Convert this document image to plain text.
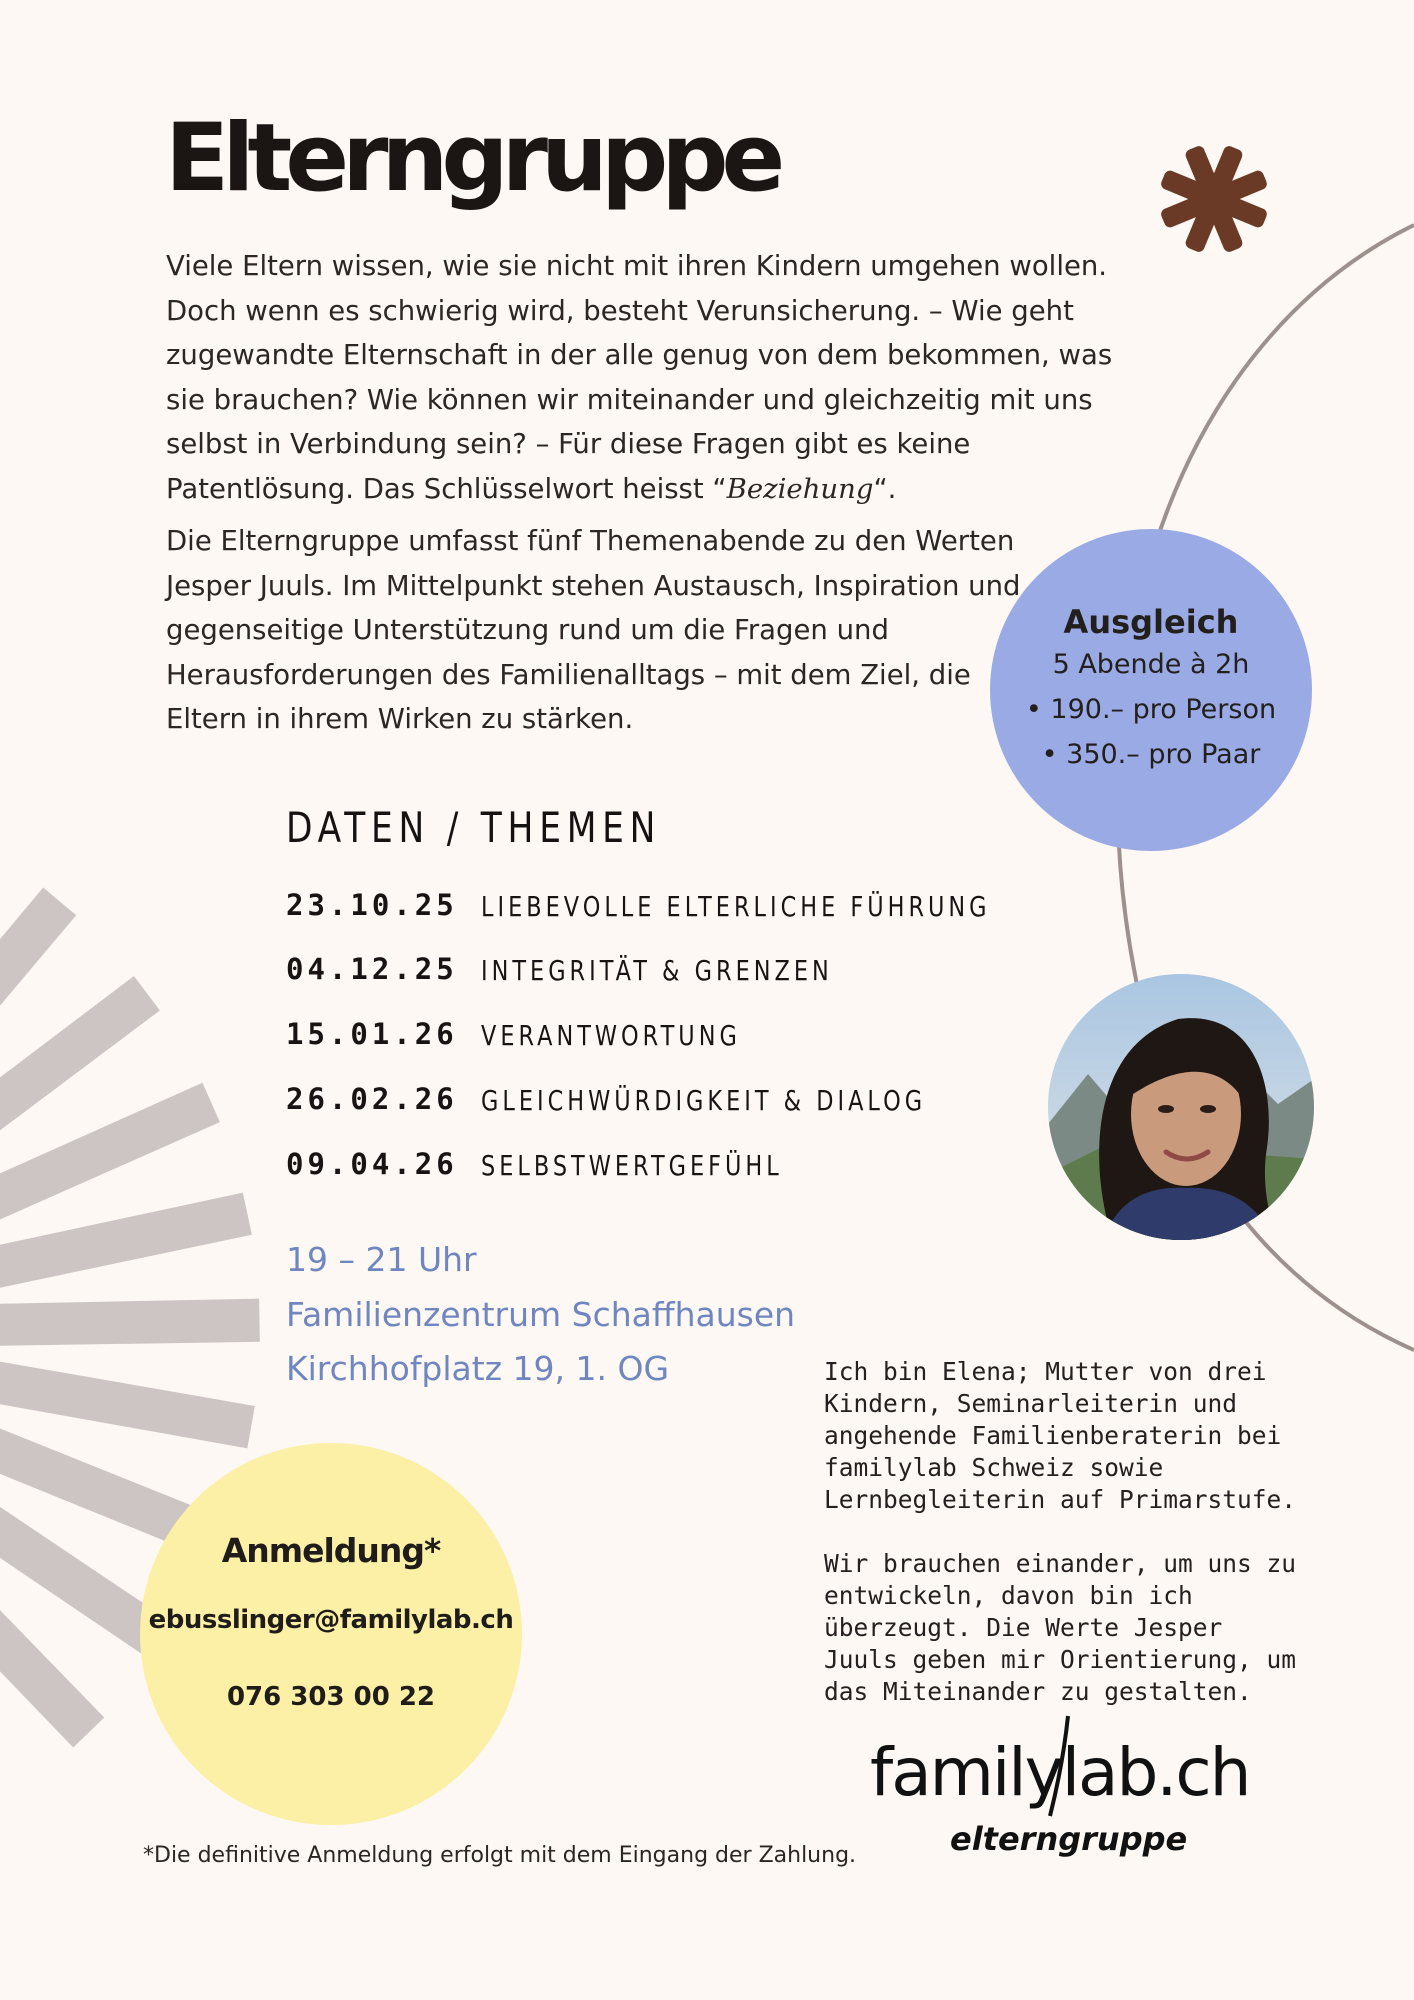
Elterngruppe

Viele Eltern wissen, wie sie nicht mit ihren Kindern umgehen wollen. Doch wenn es schwierig wird, besteht Verunsicherung. – Wie geht zugewandte Elternschaft in der alle genug von dem bekommen, was sie brauchen? Wie können wir miteinander und gleichzeitig mit uns selbst in Verbindung sein? – Für diese Fragen gibt es keine Patentlösung. Das Schlüsselwort heisst “Beziehung“.

Die Elterngruppe umfasst fünf Themenabende zu den Werten Jesper Juuls. Im Mittelpunkt stehen Austausch, Inspiration und gegenseitige Unterstützung rund um die Fragen und Herausforderungen des Familienalltags – mit dem Ziel, die Eltern in ihrem Wirken zu stärken.

Ausgleich
5 Abende à 2h
• 190.– pro Person
• 350.– pro Paar
DATEN / THEMEN
23.10.25 LIEBEVOLLE ELTERLICHE FÜHRUNG
04.12.25 INTEGRITÄT & GRENZEN
15.01.26 VERANTWORTUNG
26.02.26 GLEICHWÜRDIGKEIT & DIALOG
09.04.26 SELBSTWERTGEFÜHL

19 – 21 Uhr

Familienzentrum Schaffhausen

Kirchhofplatz 19, 1. OG	Ich bin Elena; Mutter von drei Kindern, Seminarleiterin und angehende Familienberaterin bei familylab Schweiz sowie Lernbegleiterin auf Primarstufe.

Wir brauchen einander, um uns zu entwickeln, davon bin ich überzeugt. Die Werte Jesper Juuls geben mir Orientierung, um das Miteinander zu gestalten.

Anmeldung*
ebusslinger@familylab.ch
076 303 00 22
familylab.ch
elterngruppe

*Die definitive Anmeldung erfolgt mit dem Eingang der Zahlung.
